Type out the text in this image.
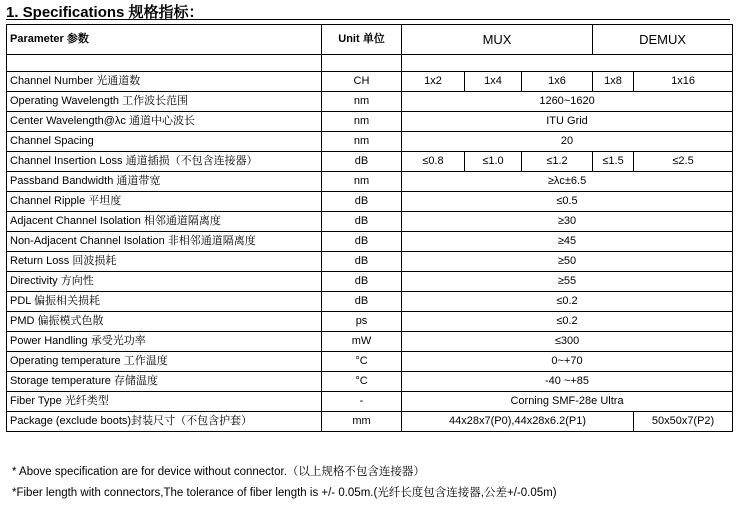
1. Specifications 规格指标：
Parameter 参数	Unit 单位	MUX			DEMUX	

Channel Number 光通道数	CH	1x2	1x4	1x6	1x8	1x16
Operating Wavelength 工作波长范围	nm	1260~1620				
Center Wavelength@λc 通道中心波长	nm	ITU Grid				
Channel Spacing	nm	20				
Channel Insertion Loss 通道插损（不包含连接器）	dB	≤0.8	≤1.0	≤1.2	≤1.5	≤2.5
Passband Bandwidth 通道带宽	nm	≥λc±6.5				
Channel Ripple 平坦度	dB	≤0.5				
Adjacent Channel Isolation 相邻通道隔离度	dB	≥30				
Non-Adjacent Channel Isolation 非相邻通道隔离度	dB	≥45				
Return Loss 回波损耗	dB	≥50				
Directivity 方向性	dB	≥55				
PDL 偏振相关损耗	dB	≤0.2				
PMD 偏振模式色散	ps	≤0.2				
Power Handling 承受光功率	mW	≤300				
Operating temperature 工作温度	°C	0~+70				
Storage temperature 存储温度	°C	-40 ~+85				
Fiber Type 光纤类型	-	Corning SMF-28e Ultra				
Package (exclude boots)封装尺寸（不包含护套）	mm	44x28x7(P0),44x28x6.2(P1)				50x50x7(P2)
* Above specification are for device without connector.（以上规格不包含连接器）
*Fiber length with connectors,The tolerance of fiber length is +/- 0.05m.(光纤长度包含连接器,公差+/-0.05m)
